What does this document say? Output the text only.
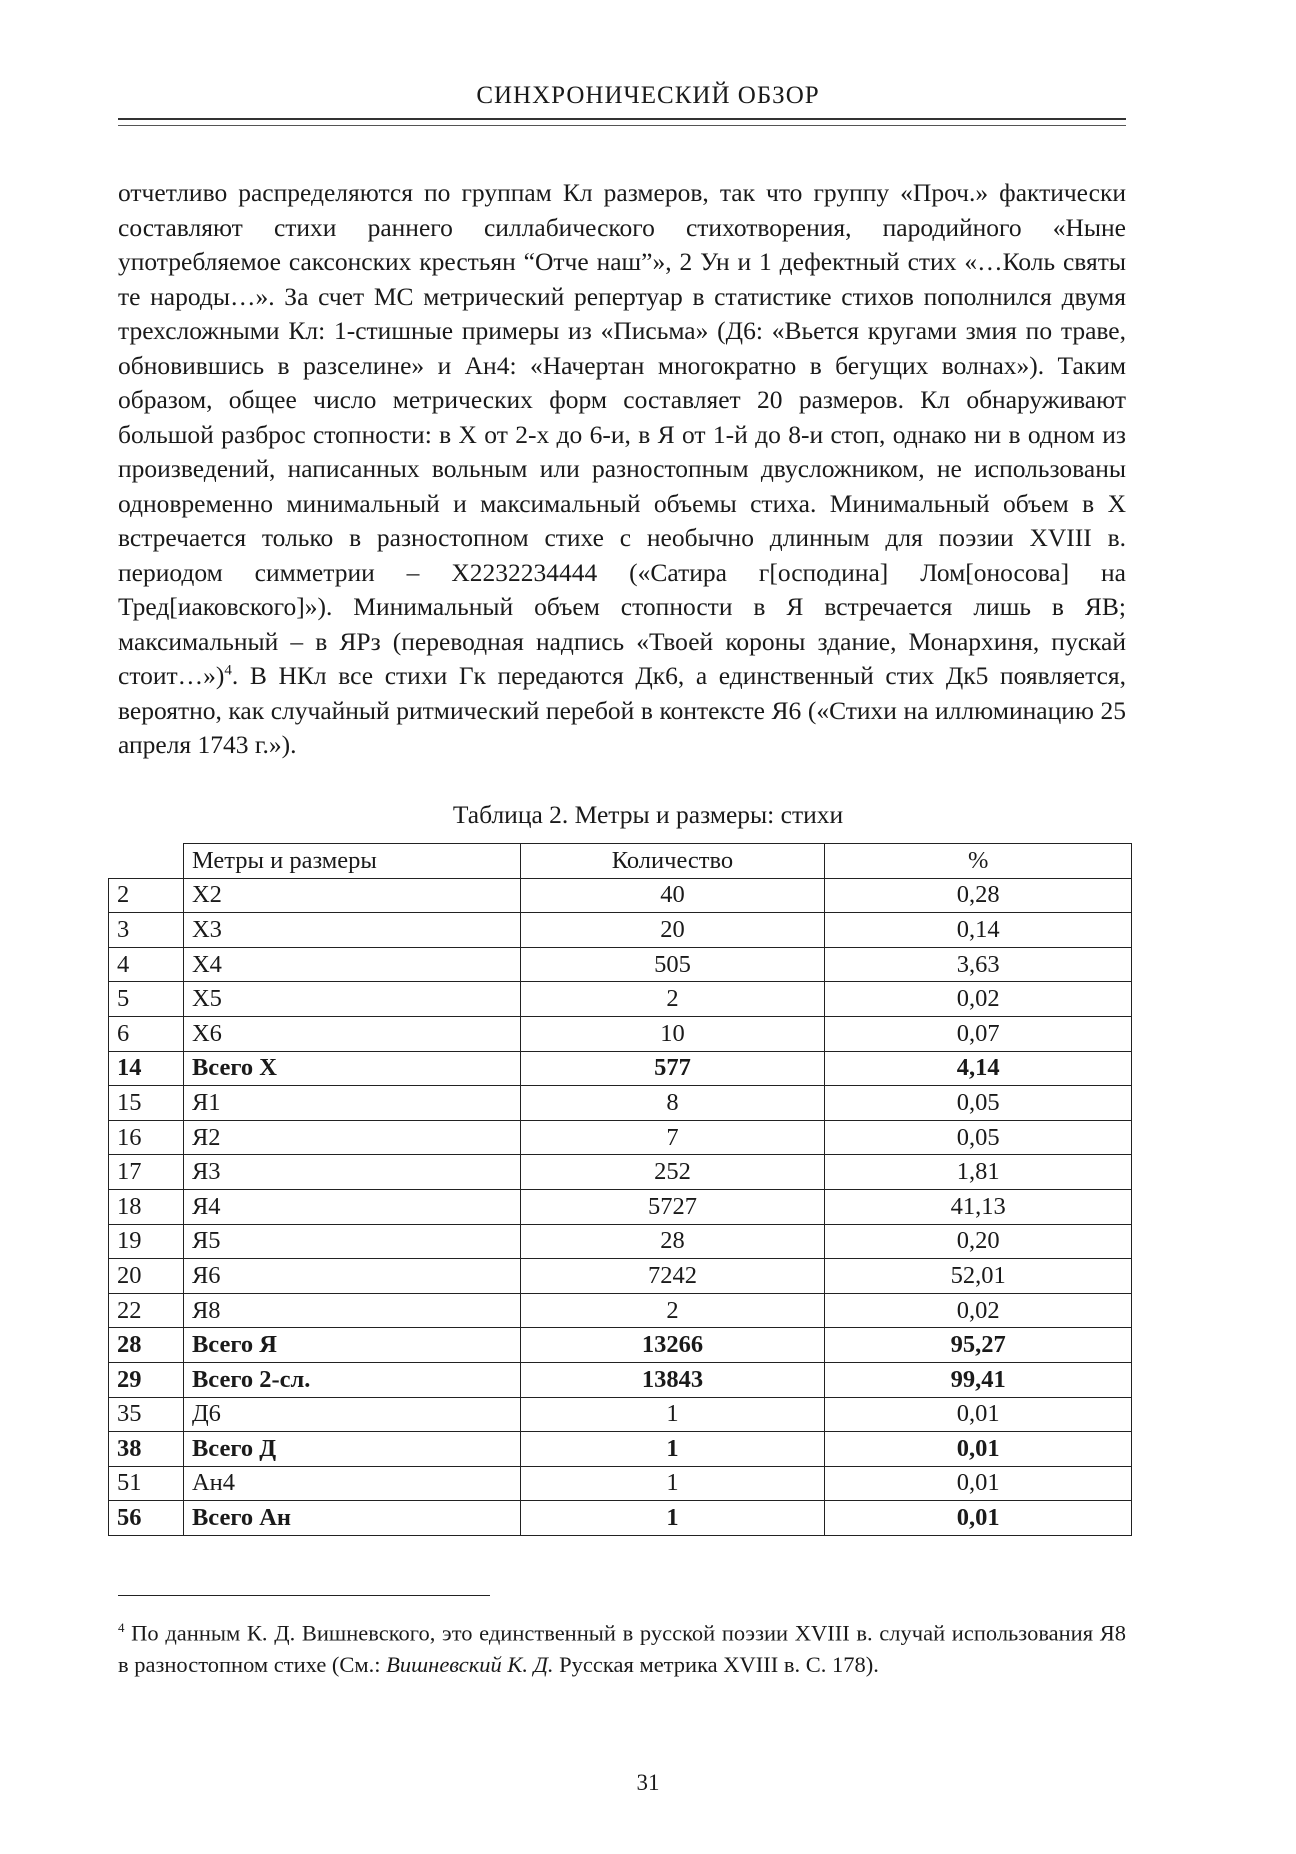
СИНХРОНИЧЕСКИЙ ОБЗОР

отчетливо распределяются по группам Кл размеров, так что группу «Проч.» фактически составляют стихи раннего силлабического стихотворения, пародийного «Ныне употребляемое саксонских крестьян “Отче наш”», 2 Ун и 1 дефектный стих «…Коль святы те народы…». За счет МС метрический репертуар в статистике стихов пополнился двумя трехсложными Кл: 1-стишные примеры из «Письма» (Д6: «Вьется кругами змия по траве, обновившись в разселине» и Ан4: «Начертан многократно в бегущих волнах»). Таким образом, общее число метрических форм составляет 20 размеров. Кл обнаруживают большой разброс стопности: в Х от 2-х до 6-и, в Я от 1-й до 8-и стоп, однако ни в одном из произведений, написанных вольным или разностопным двусложником, не использованы одновременно минимальный и максимальный объемы стиха. Минимальный объем в Х встречается только в разностопном стихе с необычно длинным для поэзии XVIII в. периодом симметрии – Х2232234444 («Сатира г[осподина] Лом[оносова] на Тред[иаковского]»). Минимальный объем стопности в Я встречается лишь в ЯВ; максимальный – в ЯРз (переводная надпись «Твоей короны здание, Монархиня, пускай стоит…»)$^4$. В НКл все стихи Гк передаются Дк6, а единственный стих Дк5 появляется, вероятно, как случайный ритмический перебой в контексте Я6 («Стихи на иллюминацию 25 апреля 1743 г.»).

Таблица 2. Метры и размеры: стихи
	Метры и размеры	Количество	%
2	Х2	40	0,28
3	Х3	20	0,14
4	Х4	505	3,63
5	Х5	2	0,02
6	Х6	10	0,07
14	Всего Х	577	4,14
15	Я1	8	0,05
16	Я2	7	0,05
17	Я3	252	1,81
18	Я4	5727	41,13
19	Я5	28	0,20
20	Я6	7242	52,01
22	Я8	2	0,02
28	Всего Я	13266	95,27
29	Всего 2-сл.	13843	99,41
35	Д6	1	0,01
38	Всего Д	1	0,01
51	Ан4	1	0,01
56	Всего Ан	1	0,01
$^4$ По данным К. Д. Вишневского, это единственный в русской поэзии XVIII в. случай использования Я8 в разностопном стихе (См.: Вишневский К. Д. Русская метрика XVIII в. С. 178).
31
